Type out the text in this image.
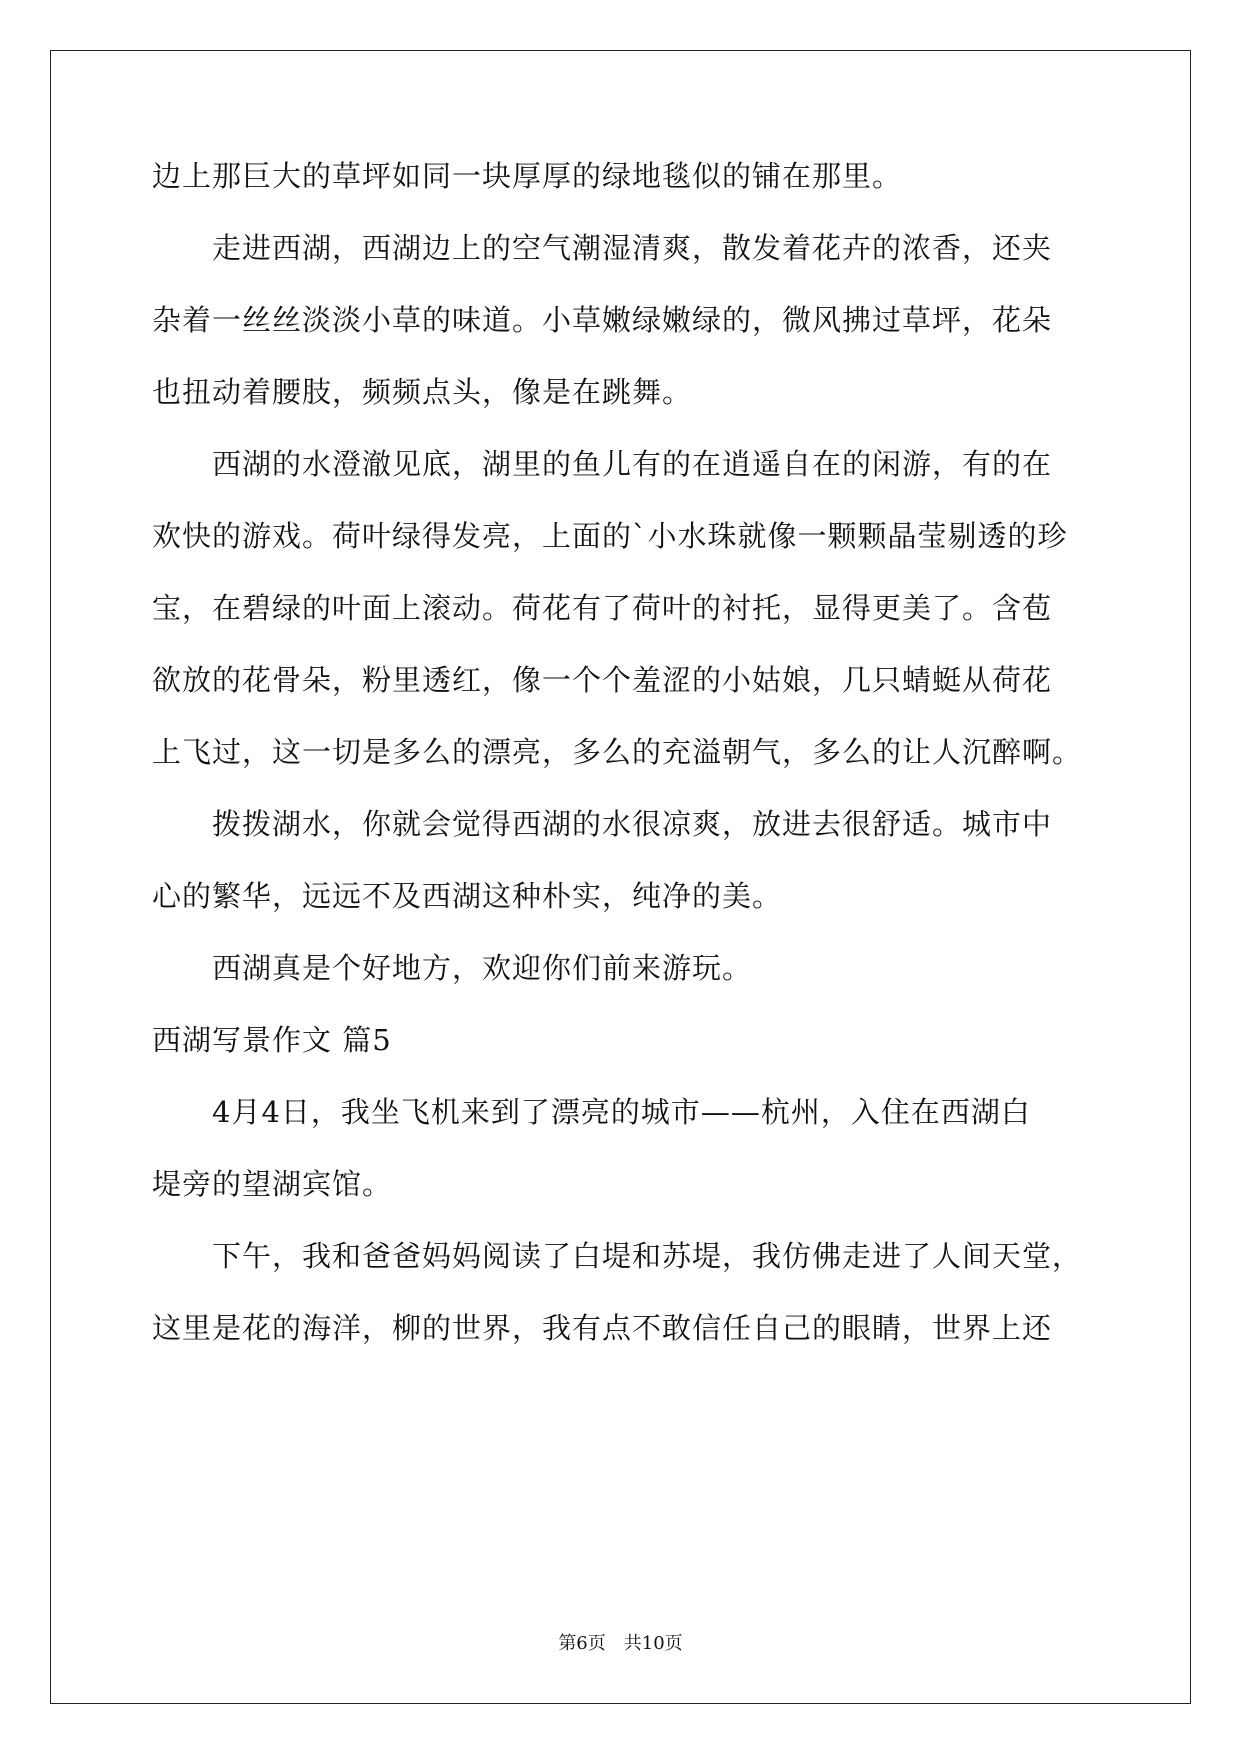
边上那巨大的草坪如同一块厚厚的绿地毯似的铺在那里。
　　走进西湖，西湖边上的空气潮湿清爽，散发着花卉的浓香，还夹
杂着一丝丝淡淡小草的味道。小草嫩绿嫩绿的，微风拂过草坪，花朵
也扭动着腰肢，频频点头，像是在跳舞。
　　西湖的水澄澈见底，湖里的鱼儿有的在逍遥自在的闲游，有的在
欢快的游戏。荷叶绿得发亮，上面的`小水珠就像一颗颗晶莹剔透的珍
宝，在碧绿的叶面上滚动。荷花有了荷叶的衬托，显得更美了。含苞
欲放的花骨朵，粉里透红，像一个个羞涩的小姑娘，几只蜻蜓从荷花
上飞过，这一切是多么的漂亮，多么的充溢朝气，多么的让人沉醉啊。
　　拨拨湖水，你就会觉得西湖的水很凉爽，放进去很舒适。城市中
心的繁华，远远不及西湖这种朴实，纯净的美。
　　西湖真是个好地方，欢迎你们前来游玩。
西湖写景作文 篇5
　　4月4日，我坐飞机来到了漂亮的城市——杭州，入住在西湖白
堤旁的望湖宾馆。
　　下午，我和爸爸妈妈阅读了白堤和苏堤，我仿佛走进了人间天堂，
这里是花的海洋，柳的世界，我有点不敢信任自己的眼睛，世界上还
第6页　共10页
